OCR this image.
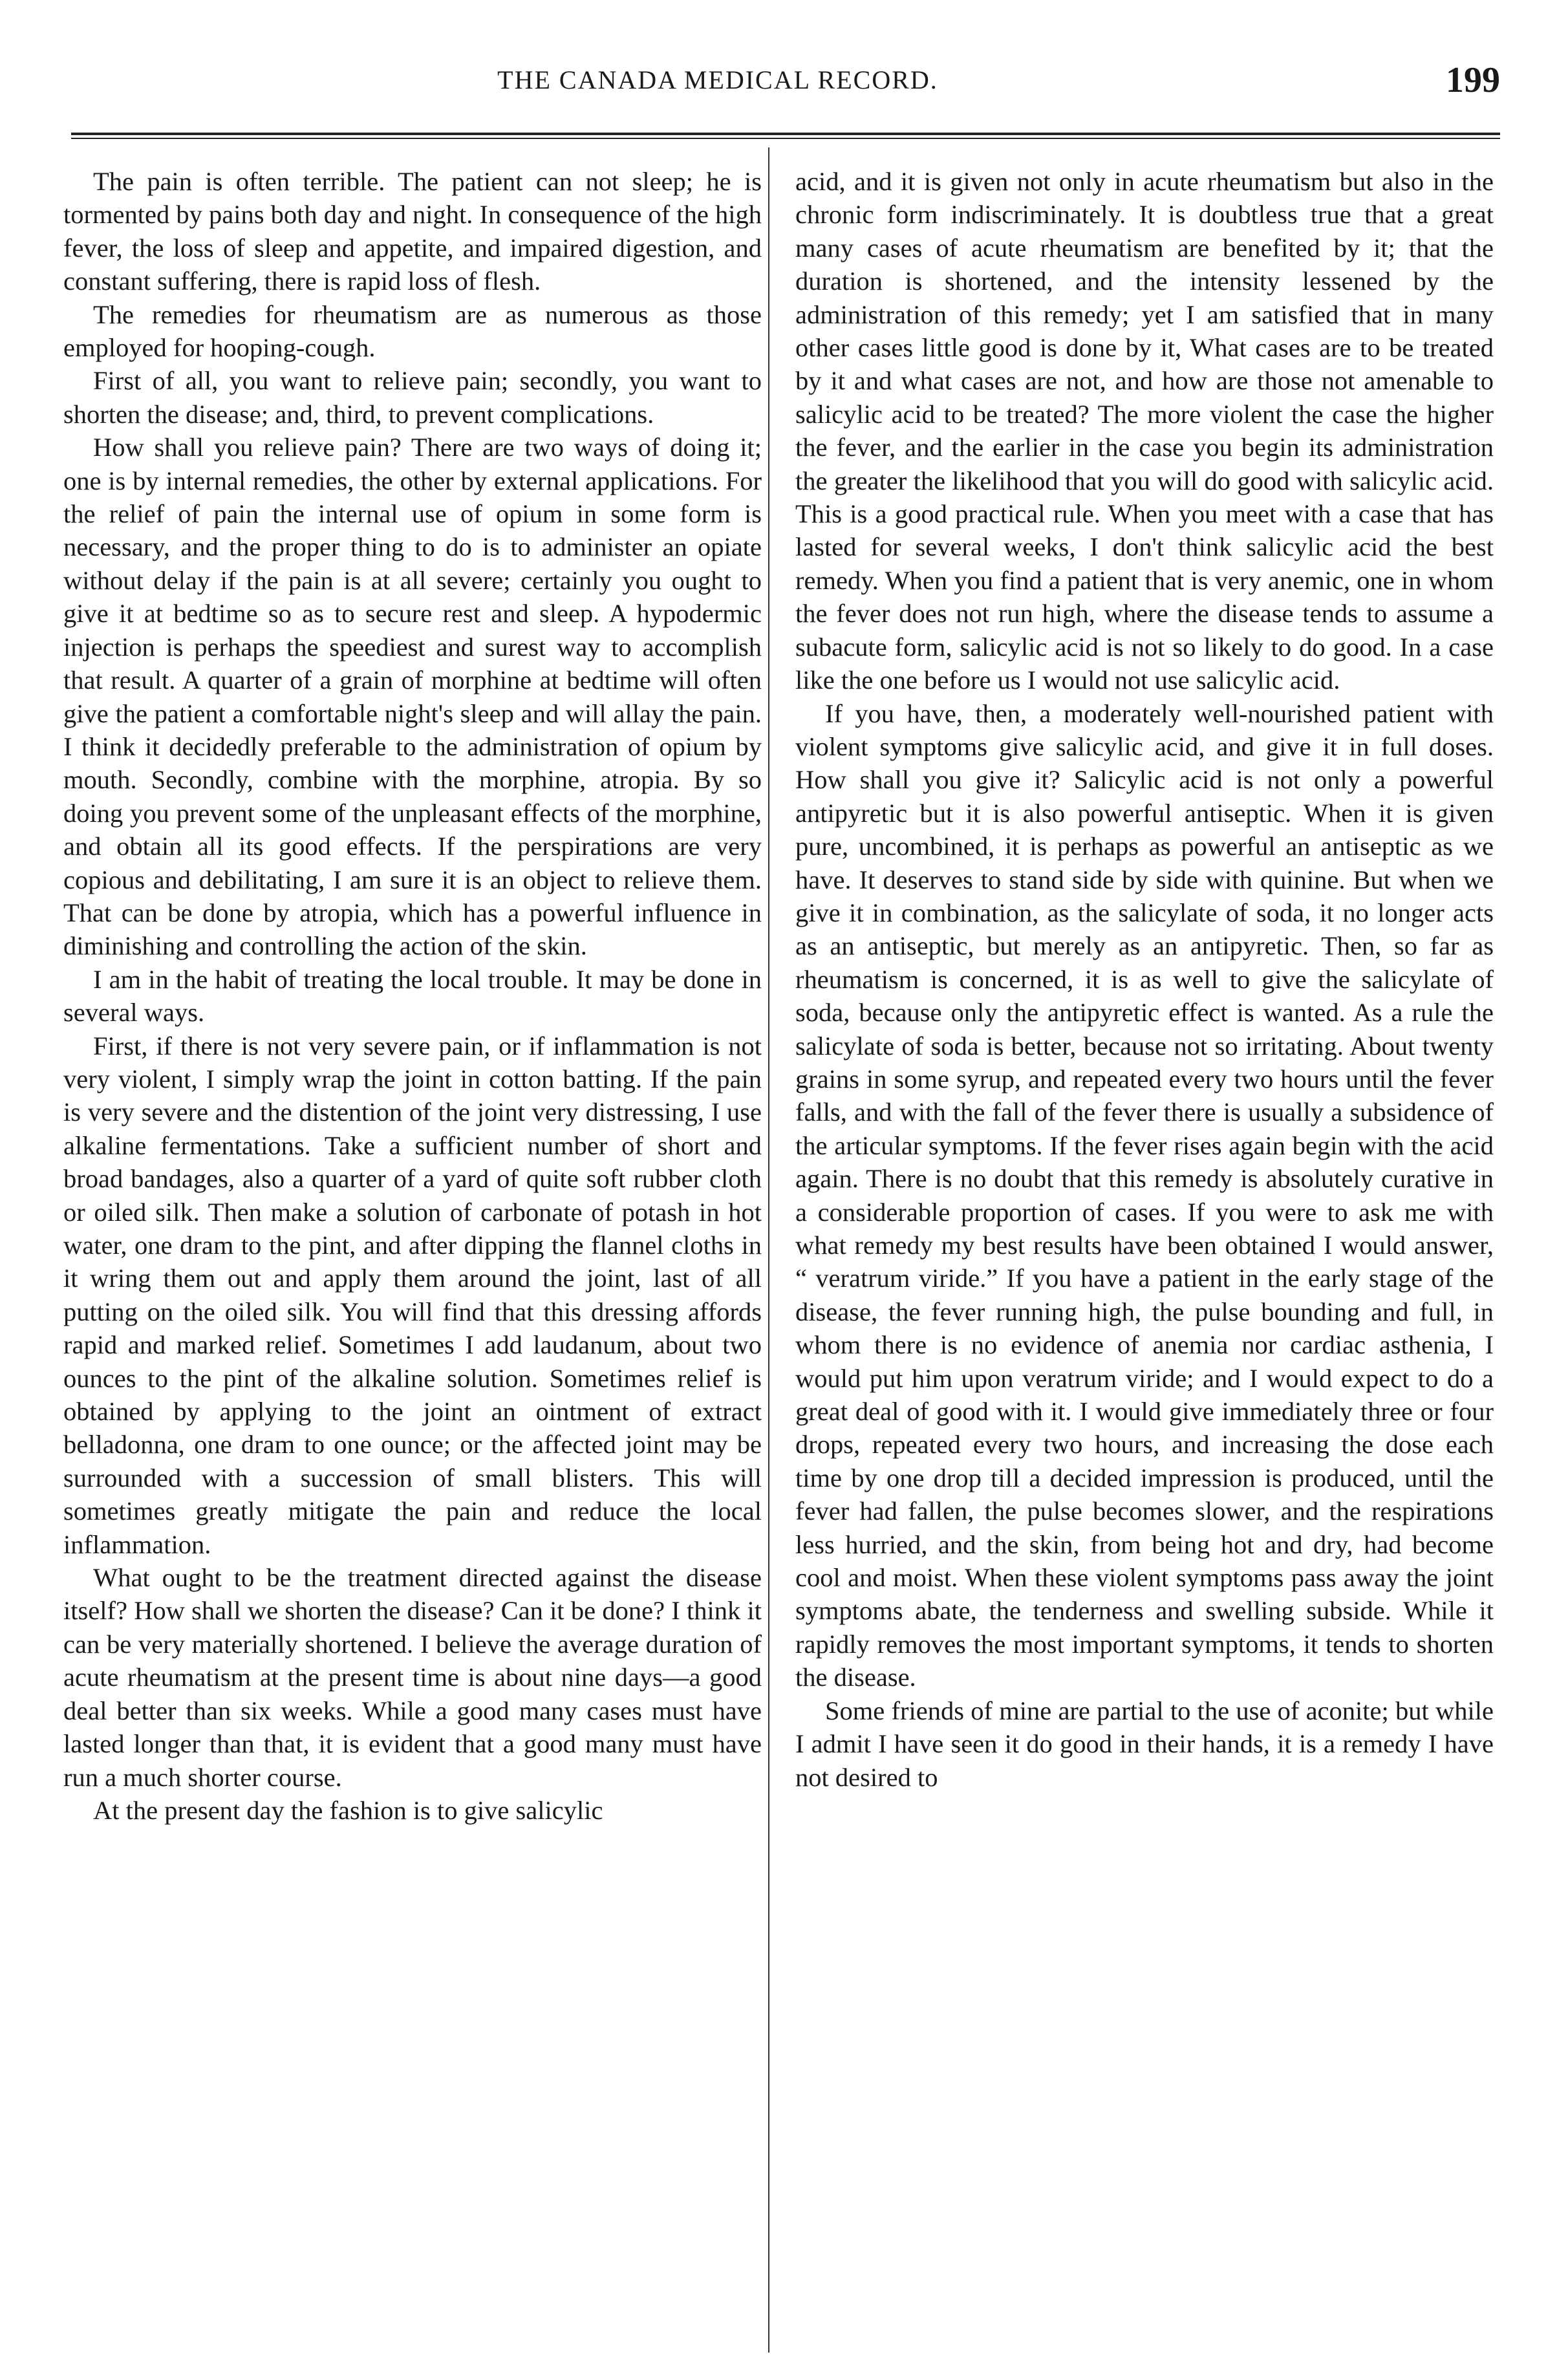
THE CANADA MEDICAL RECORD.	199

The pain is often terrible. The patient can not sleep; he is tormented by pains both day and night. In consequence of the high fever, the loss of sleep and appetite, and impaired digestion, and constant suffering, there is rapid loss of flesh.

The remedies for rheumatism are as numerous as those employed for hooping-cough.

First of all, you want to relieve pain; secondly, you want to shorten the disease; and, third, to prevent complications.

How shall you relieve pain? There are two ways of doing it; one is by internal remedies, the other by external applications. For the relief of pain the internal use of opium in some form is necessary, and the proper thing to do is to administer an opiate without delay if the pain is at all severe; certainly you ought to give it at bedtime so as to secure rest and sleep. A hypodermic injection is perhaps the speediest and surest way to accomplish that result. A quarter of a grain of morphine at bedtime will often give the patient a comfortable night's sleep and will allay the pain. I think it decidedly preferable to the administration of opium by mouth. Secondly, combine with the morphine, atropia. By so doing you prevent some of the unpleasant effects of the morphine, and obtain all its good effects. If the perspirations are very copious and debilitating, I am sure it is an object to relieve them. That can be done by atropia, which has a powerful influence in diminishing and controlling the action of the skin.

I am in the habit of treating the local trouble. It may be done in several ways.

First, if there is not very severe pain, or if inflammation is not very violent, I simply wrap the joint in cotton batting. If the pain is very severe and the distention of the joint very distressing, I use alkaline fermentations. Take a sufficient number of short and broad bandages, also a quarter of a yard of quite soft rubber cloth or oiled silk. Then make a solution of carbonate of potash in hot water, one dram to the pint, and after dipping the flannel cloths in it wring them out and apply them around the joint, last of all putting on the oiled silk. You will find that this dressing affords rapid and marked relief. Sometimes I add laudanum, about two ounces to the pint of the alkaline solution. Sometimes relief is obtained by applying to the joint an ointment of extract belladonna, one dram to one ounce; or the affected joint may be surrounded with a succession of small blisters. This will sometimes greatly mitigate the pain and reduce the local inflammation.

What ought to be the treatment directed against the disease itself? How shall we shorten the disease? Can it be done? I think it can be very materially shortened. I believe the average duration of acute rheumatism at the present time is about nine days—a good deal better than six weeks. While a good many cases must have lasted longer than that, it is evident that a good many must have run a much shorter course.

At the present day the fashion is to give salicylic

acid, and it is given not only in acute rheumatism but also in the chronic form indiscriminately. It is doubtless true that a great many cases of acute rheumatism are benefited by it; that the duration is shortened, and the intensity lessened by the administration of this remedy; yet I am satisfied that in many other cases little good is done by it, What cases are to be treated by it and what cases are not, and how are those not amenable to salicylic acid to be treated? The more violent the case the higher the fever, and the earlier in the case you begin its administration the greater the likelihood that you will do good with salicylic acid. This is a good practical rule. When you meet with a case that has lasted for several weeks, I don't think salicylic acid the best remedy. When you find a patient that is very anemic, one in whom the fever does not run high, where the disease tends to assume a subacute form, salicylic acid is not so likely to do good. In a case like the one before us I would not use salicylic acid.

If you have, then, a moderately well-nourished patient with violent symptoms give salicylic acid, and give it in full doses. How shall you give it? Salicylic acid is not only a powerful antipyretic but it is also powerful antiseptic. When it is given pure, uncombined, it is perhaps as powerful an antiseptic as we have. It deserves to stand side by side with quinine. But when we give it in combination, as the salicylate of soda, it no longer acts as an antiseptic, but merely as an antipyretic. Then, so far as rheumatism is concerned, it is as well to give the salicylate of soda, because only the antipyretic effect is wanted. As a rule the salicylate of soda is better, because not so irritating. About twenty grains in some syrup, and repeated every two hours until the fever falls, and with the fall of the fever there is usually a subsidence of the articular symptoms. If the fever rises again begin with the acid again. There is no doubt that this remedy is absolutely curative in a considerable proportion of cases. If you were to ask me with what remedy my best results have been obtained I would answer, “ veratrum viride.” If you have a patient in the early stage of the disease, the fever running high, the pulse bounding and full, in whom there is no evidence of anemia nor cardiac asthenia, I would put him upon veratrum viride; and I would expect to do a great deal of good with it. I would give immediately three or four drops, repeated every two hours, and increasing the dose each time by one drop till a decided impression is produced, until the fever had fallen, the pulse becomes slower, and the respirations less hurried, and the skin, from being hot and dry, had become cool and moist. When these violent symptoms pass away the joint symptoms abate, the tenderness and swelling subside. While it rapidly removes the most important symptoms, it tends to shorten the disease.

Some friends of mine are partial to the use of aconite; but while I admit I have seen it do good in their hands, it is a remedy I have not desired to
